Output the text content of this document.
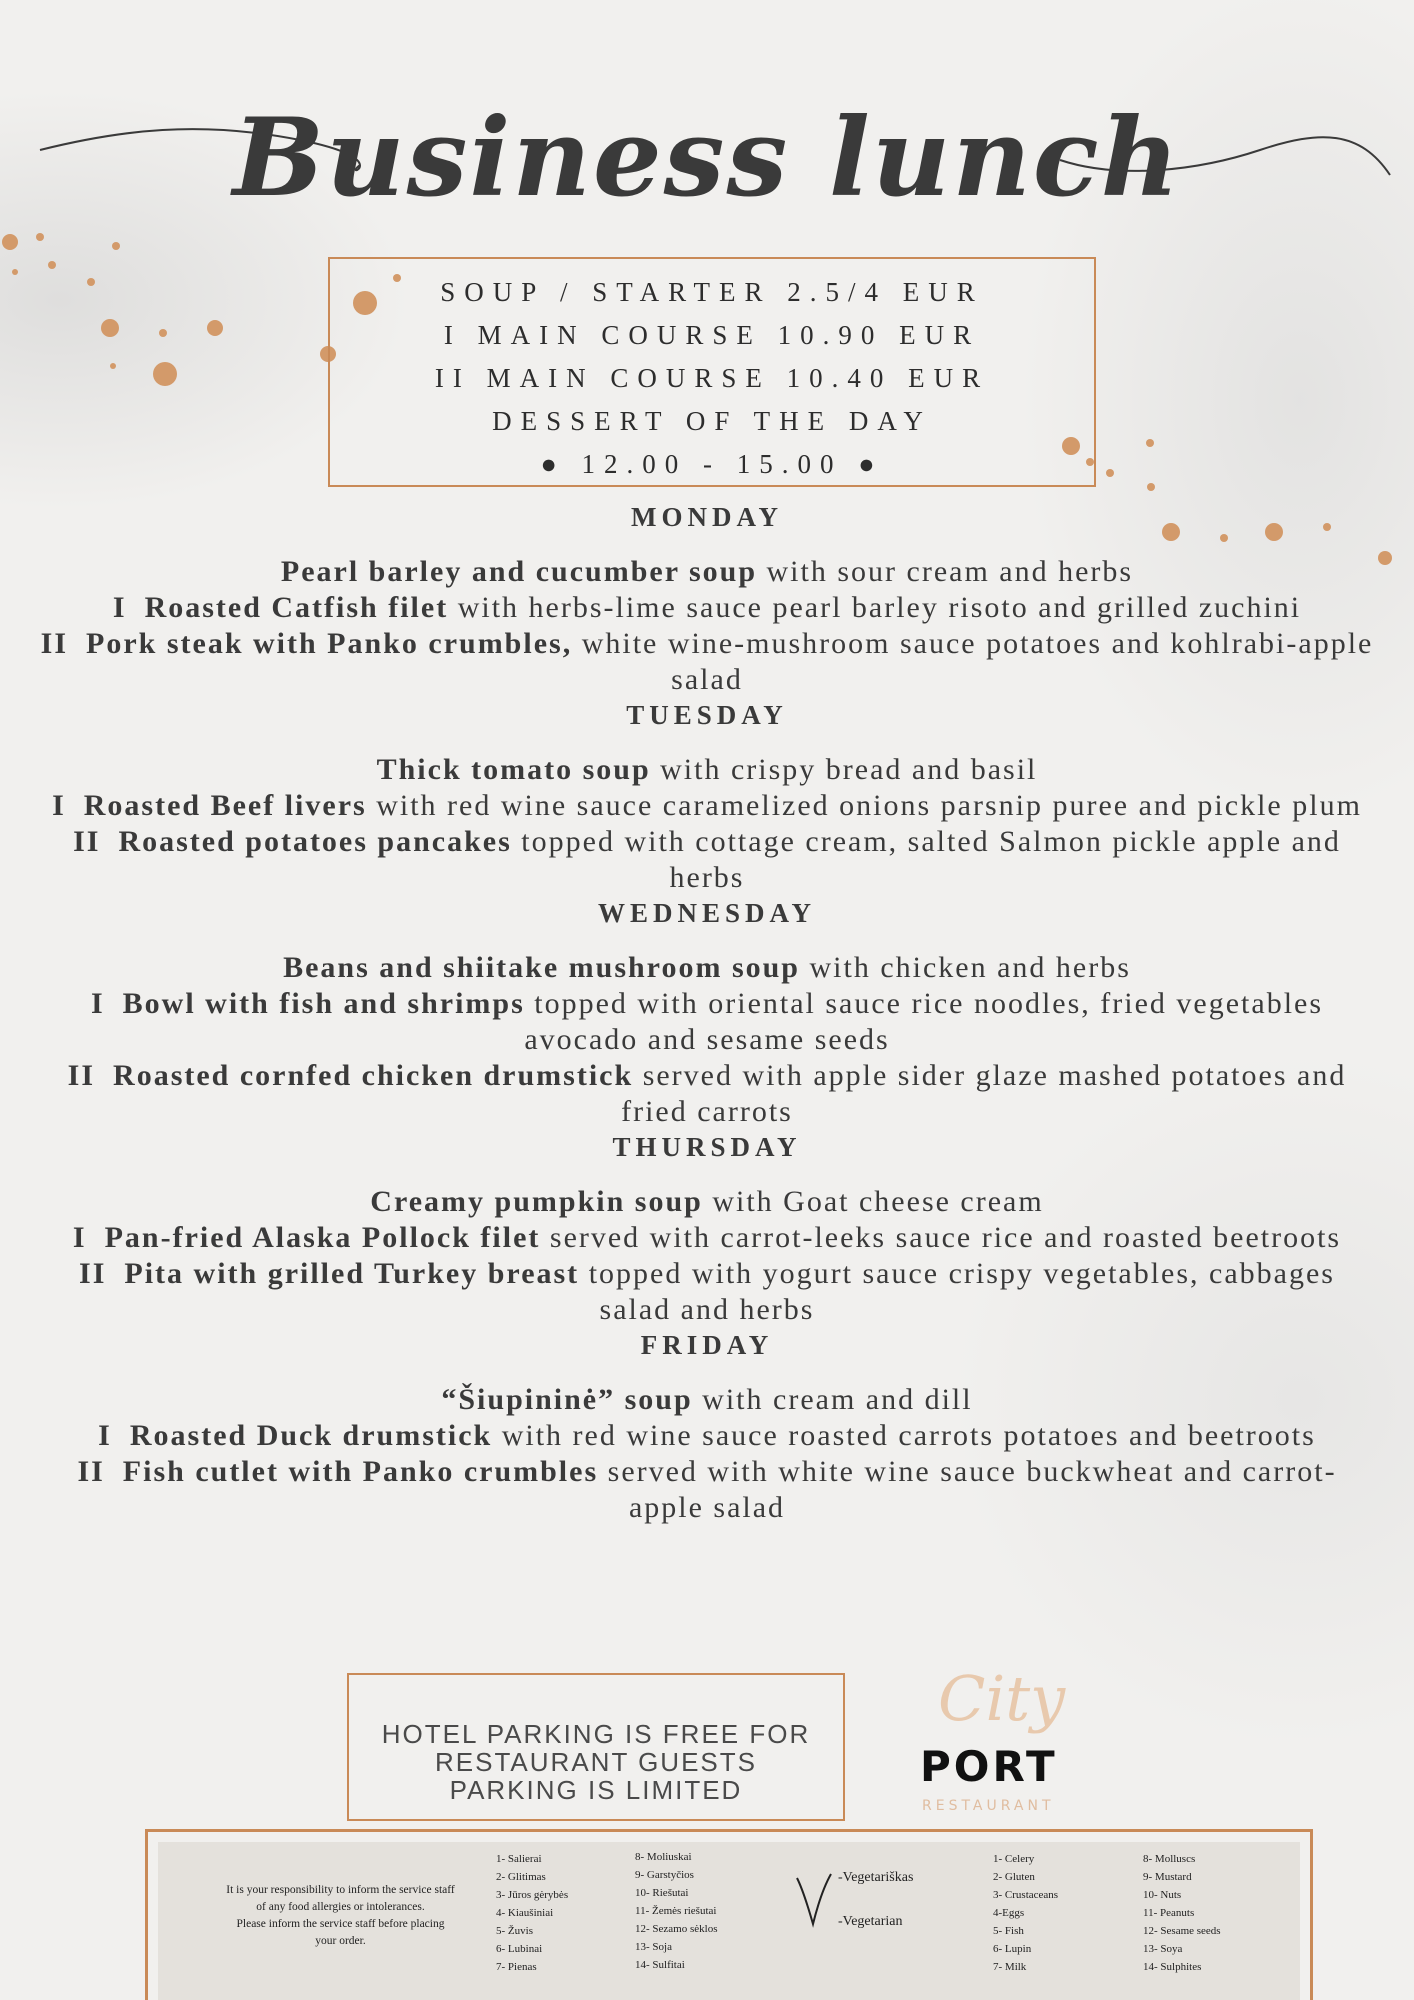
Business lunch
SOUP / STARTER 2.5/4 EUR
I MAIN COURSE 10.90 EUR
II MAIN COURSE 10.40 EUR
DESSERT OF THE DAY
● 12.00 - 15.00 ●
MONDAY
Pearl barley and cucumber soup with sour cream and herbs
I Roasted Catfish filet with herbs-lime sauce pearl barley risoto and grilled zuchini
II Pork steak with Panko crumbles, white wine-mushroom sauce potatoes and kohlrabi-apple salad
TUESDAY
Thick tomato soup with crispy bread and basil
I Roasted Beef livers with red wine sauce caramelized onions parsnip puree and pickle plum
II Roasted potatoes pancakes topped with cottage cream, salted Salmon pickle apple and herbs
WEDNESDAY
Beans and shiitake mushroom soup with chicken and herbs
I Bowl with fish and shrimps topped with oriental sauce rice noodles, fried vegetables avocado and sesame seeds
II Roasted cornfed chicken drumstick served with apple sider glaze mashed potatoes and fried carrots
THURSDAY
Creamy pumpkin soup with Goat cheese cream
I Pan-fried Alaska Pollock filet served with carrot-leeks sauce rice and roasted beetroots
II Pita with grilled Turkey breast topped with yogurt sauce crispy vegetables, cabbages salad and herbs
FRIDAY
“Šiupininė” soup with cream and dill
I Roasted Duck drumstick with red wine sauce roasted carrots potatoes and beetroots
II Fish cutlet with Panko crumbles served with white wine sauce buckwheat and carrot-apple salad
HOTEL PARKING IS FREE FOR
RESTAURANT GUESTS
PARKING IS LIMITED
City
PORT
RESTAURANT
It is your responsibility to inform the service staff
of any food allergies or intolerances.
Please inform the service staff before placing
your order.
1- Salierai
2- Glitimas
3- Jūros gėrybės
4- Kiaušiniai
5- Žuvis
6- Lubinai
7- Pienas
8- Moliuskai
9- Garstyčios
10- Riešutai
11- Žemės riešutai
12- Sezamo sėklos
13- Soja
14- Sulfitai
-Vegetariškas
-Vegetarian
1- Celery
2- Gluten
3- Crustaceans
4-Eggs
5- Fish
6- Lupin
7- Milk
8- Molluscs
9- Mustard
10- Nuts
11- Peanuts
12- Sesame seeds
13- Soya
14- Sulphites
